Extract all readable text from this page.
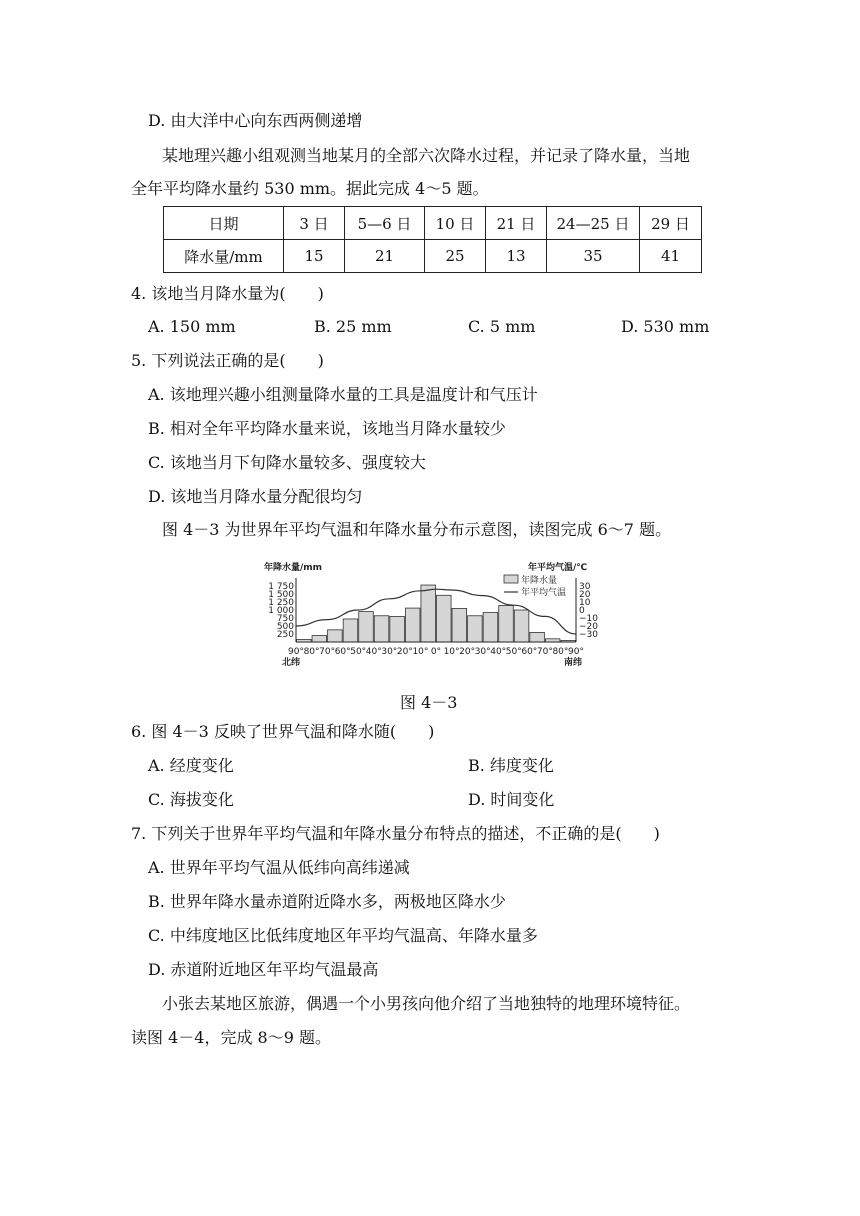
D. 由大洋中心向东西两侧递增
某地理兴趣小组观测当地某月的全部六次降水过程，并记录了降水量，当地
全年平均降水量约 530 mm。据此完成 4～5 题。
日期	3 日	5—6 日	10 日	21 日	24—25 日	29 日
降水量/mm	15	21	25	13	35	41
4. 该地当月降水量为(　　)
A. 150 mm	B. 25 mm	C. 5 mm	D. 530 mm
5. 下列说法正确的是(　　)
A. 该地理兴趣小组测量降水量的工具是温度计和气压计
B. 相对全年平均降水量来说，该地当月降水量较少
C. 该地当月下旬降水量较多、强度较大
D. 该地当月降水量分配很均匀
图 4－3 为世界年平均气温和年降水量分布示意图，读图完成 6～7 题。
年降水量/mm	年平均气温/℃
1 750
1 500
1 250
1 000
750
500
250
30
20
10
0
−10
−20
−30
90° 80° 70° 60° 50° 40° 30° 20° 10° 0° 10° 20° 30° 40° 50° 60° 70° 80° 90°
北纬	南纬
年降水量
年平均气温
图 4－3
6. 图 4－3 反映了世界气温和降水随(　　)
A. 经度变化	B. 纬度变化
C. 海拔变化	D. 时间变化
7. 下列关于世界年平均气温和年降水量分布特点的描述，不正确的是(　　)
A. 世界年平均气温从低纬向高纬递减
B. 世界年降水量赤道附近降水多，两极地区降水少
C. 中纬度地区比低纬度地区年平均气温高、年降水量多
D. 赤道附近地区年平均气温最高
小张去某地区旅游，偶遇一个小男孩向他介绍了当地独特的地理环境特征。
读图 4－4，完成 8～9 题。
